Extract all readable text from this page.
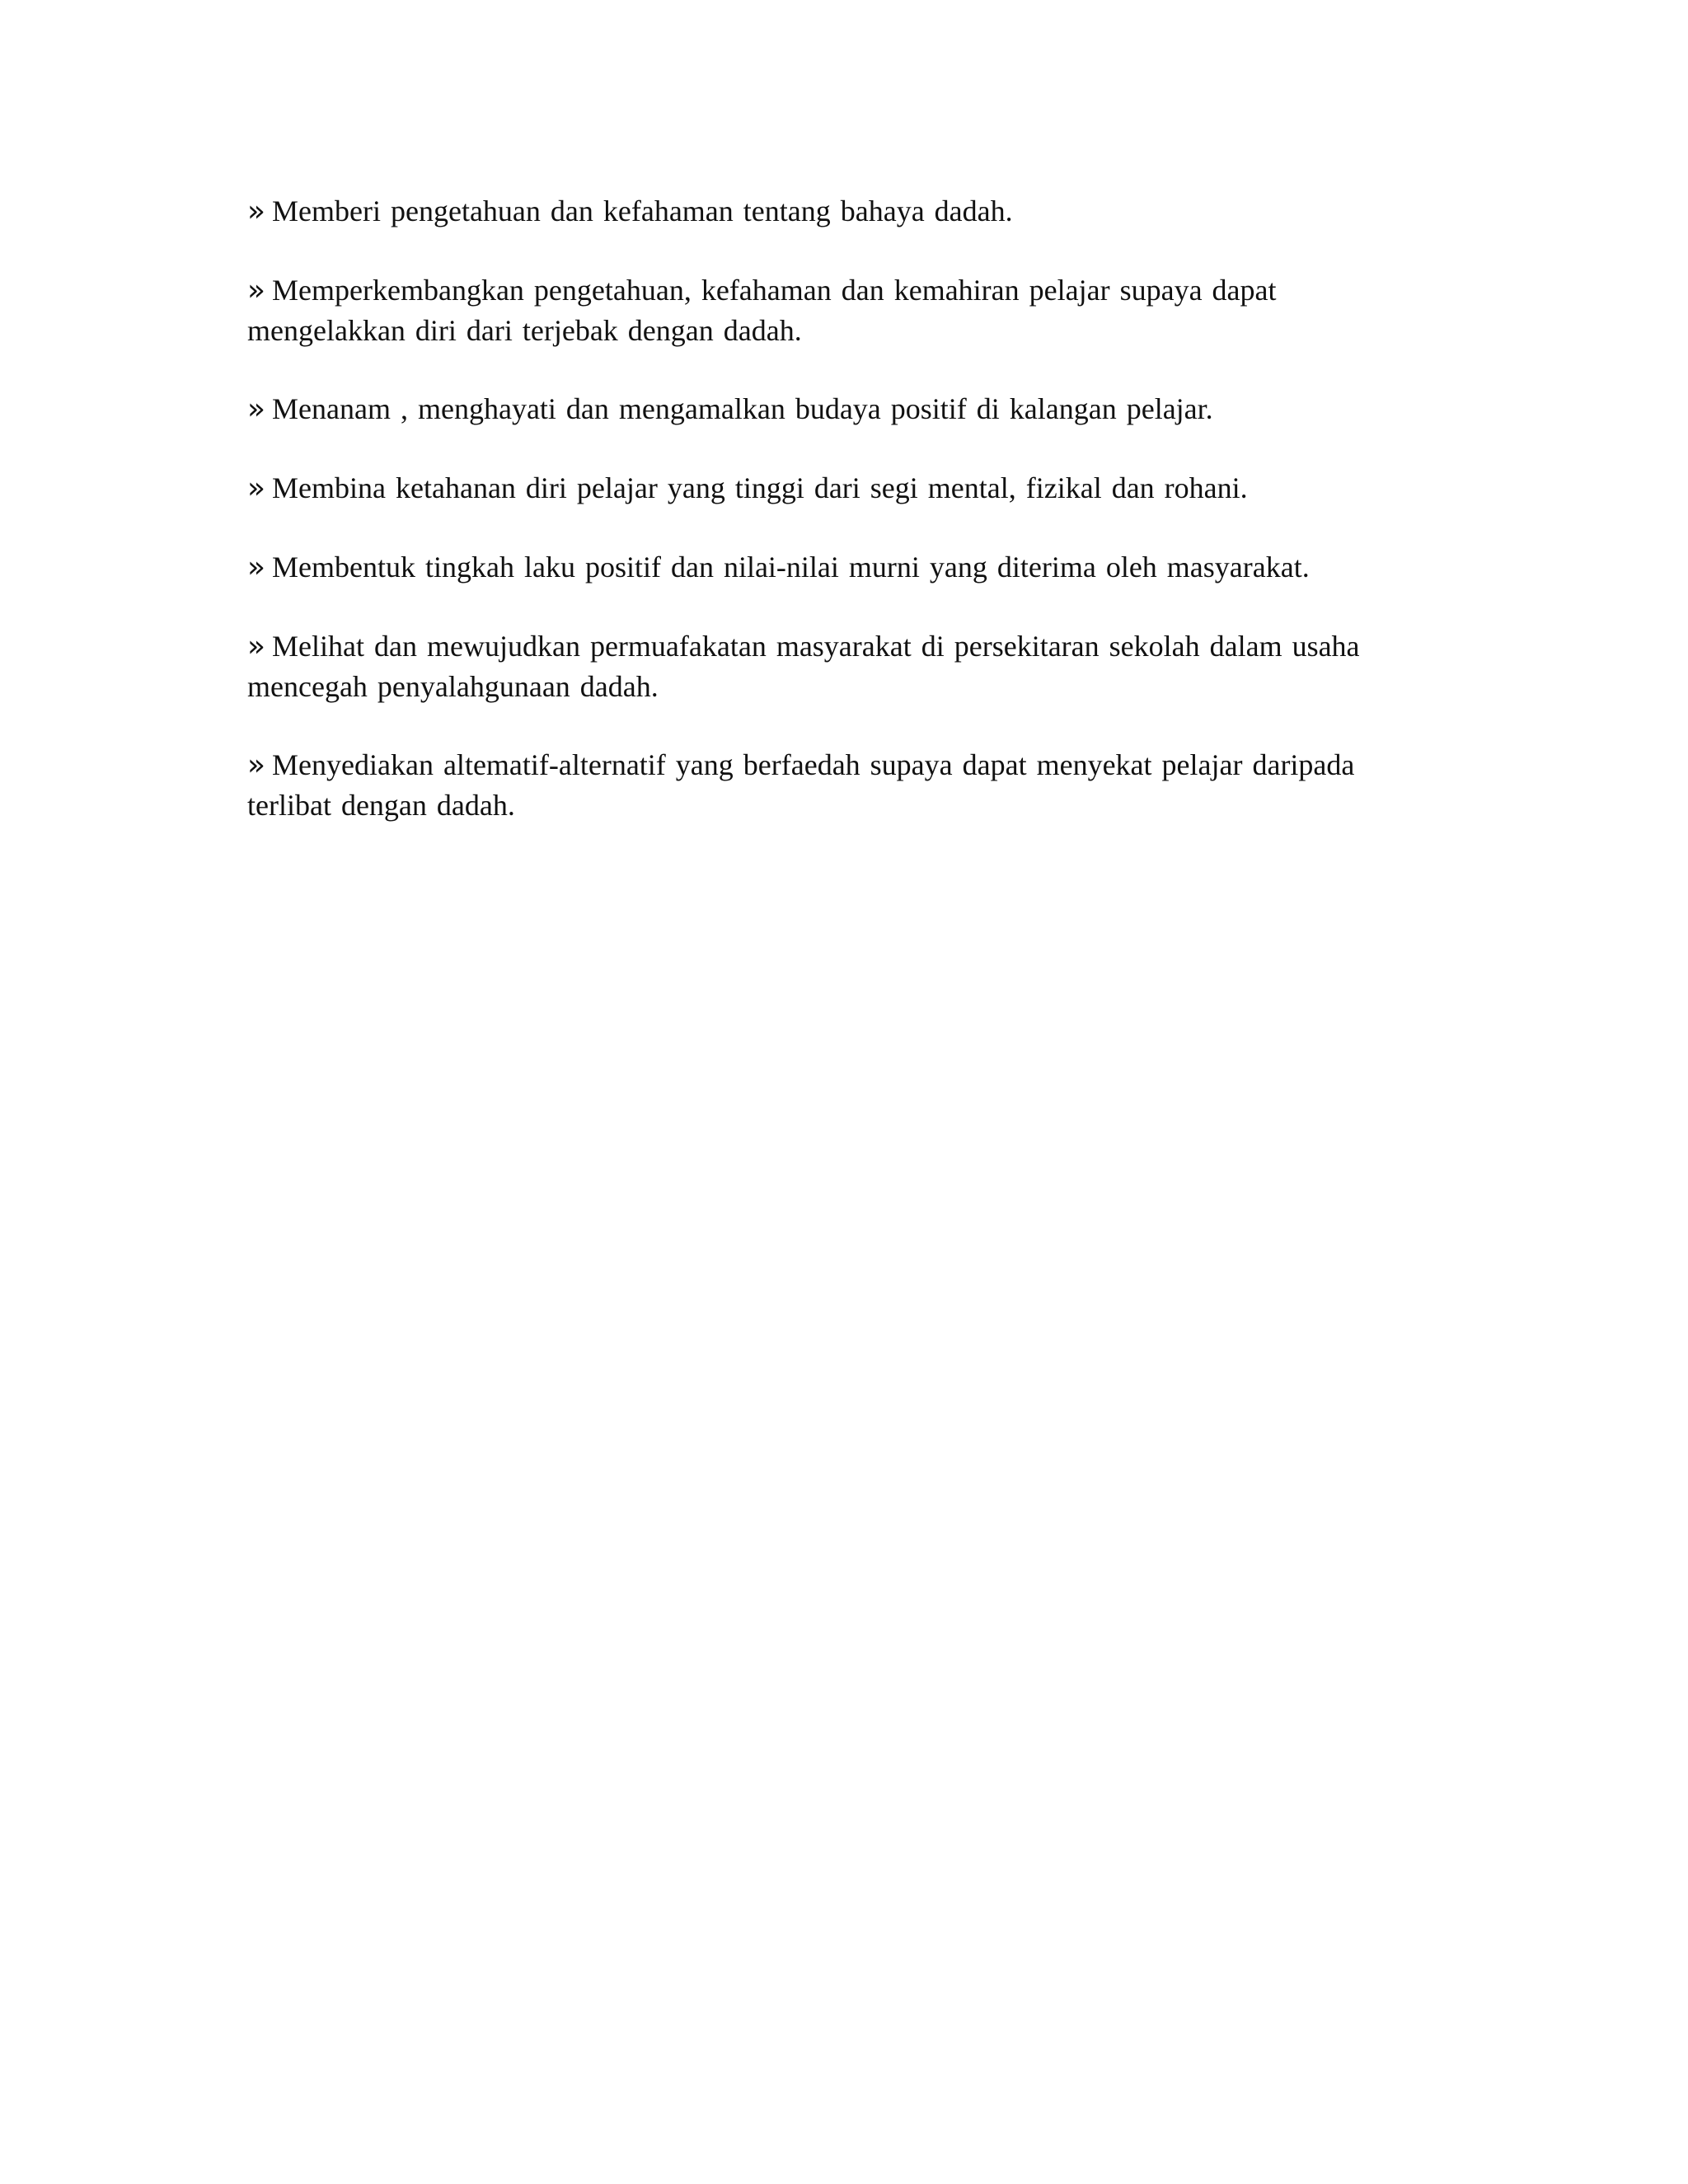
» Memberi pengetahuan dan kefahaman tentang bahaya dadah.

» Memperkembangkan pengetahuan, kefahaman dan kemahiran pelajar supaya dapat mengelakkan diri dari terjebak dengan dadah.

» Menanam , menghayati dan mengamalkan budaya positif di kalangan pelajar.

» Membina ketahanan diri pelajar yang tinggi dari segi mental, fizikal dan rohani.

» Membentuk tingkah laku positif dan nilai-nilai murni yang diterima oleh masyarakat.

» Melihat dan mewujudkan permuafakatan masyarakat di persekitaran sekolah dalam usaha mencegah penyalahgunaan dadah.

» Menyediakan altematif-alternatif yang berfaedah supaya dapat menyekat pelajar daripada terlibat dengan dadah.
